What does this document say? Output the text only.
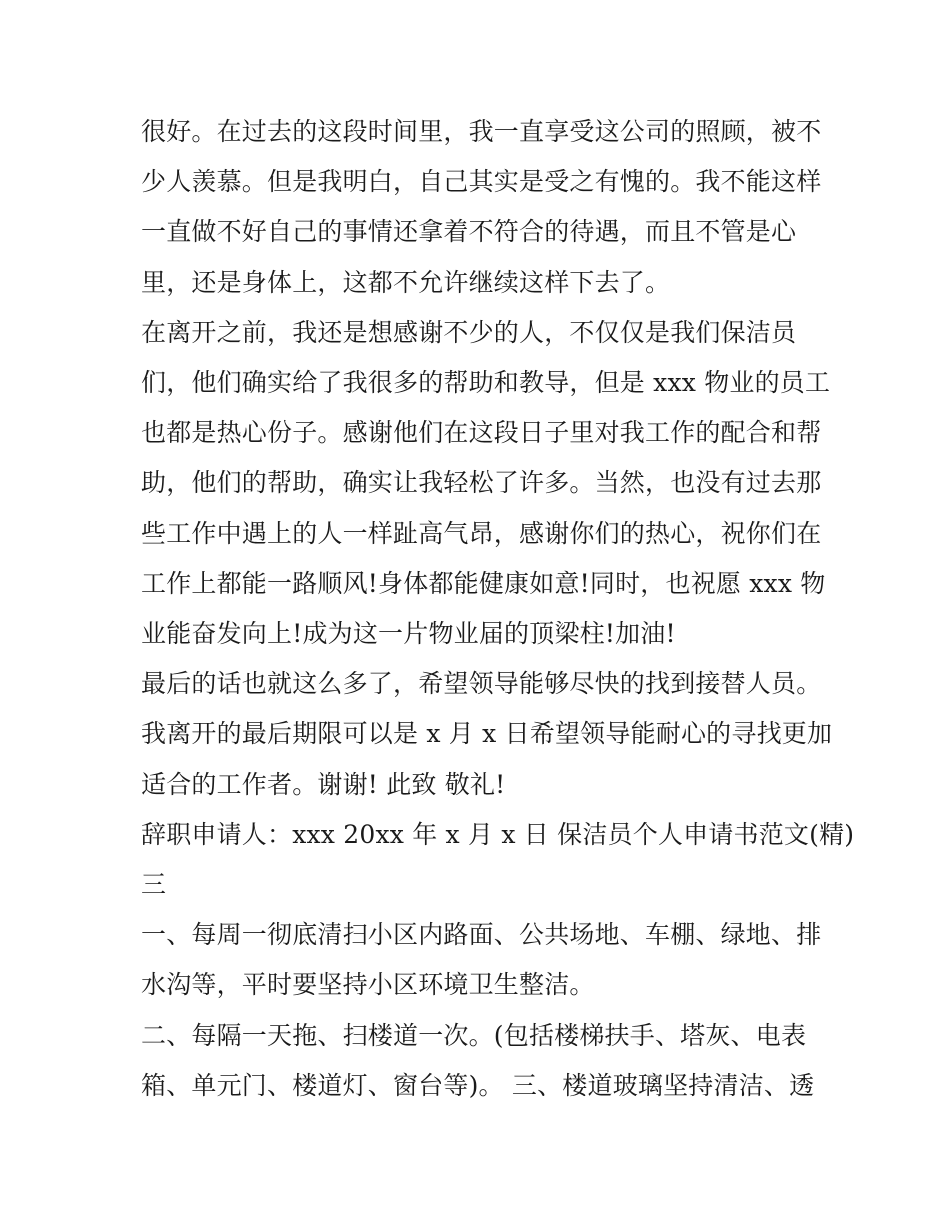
很好。在过去的这段时间里，我一直享受这公司的照顾，被不
少人羡慕。但是我明白，自己其实是受之有愧的。我不能这样
一直做不好自己的事情还拿着不符合的待遇，而且不管是心
里，还是身体上，这都不允许继续这样下去了。
在离开之前，我还是想感谢不少的人，不仅仅是我们保洁员
们，他们确实给了我很多的帮助和教导，但是 xxx 物业的员工
也都是热心份子。感谢他们在这段日子里对我工作的配合和帮
助，他们的帮助，确实让我轻松了许多。当然，也没有过去那
些工作中遇上的人一样趾高气昂，感谢你们的热心，祝你们在
工作上都能一路顺风!身体都能健康如意!同时，也祝愿 xxx 物
业能奋发向上!成为这一片物业届的顶梁柱!加油!
最后的话也就这么多了，希望领导能够尽快的找到接替人员。
我离开的最后期限可以是 x 月 x 日希望领导能耐心的寻找更加
适合的工作者。谢谢! 此致 敬礼!
辞职申请人：xxx 20xx 年 x 月 x 日 保洁员个人申请书范文(精)
三
一、每周一彻底清扫小区内路面、公共场地、车棚、绿地、排
水沟等，平时要坚持小区环境卫生整洁。
二、每隔一天拖、扫楼道一次。(包括楼梯扶手、塔灰、电表
箱、单元门、楼道灯、窗台等)。 三、楼道玻璃坚持清洁、透
